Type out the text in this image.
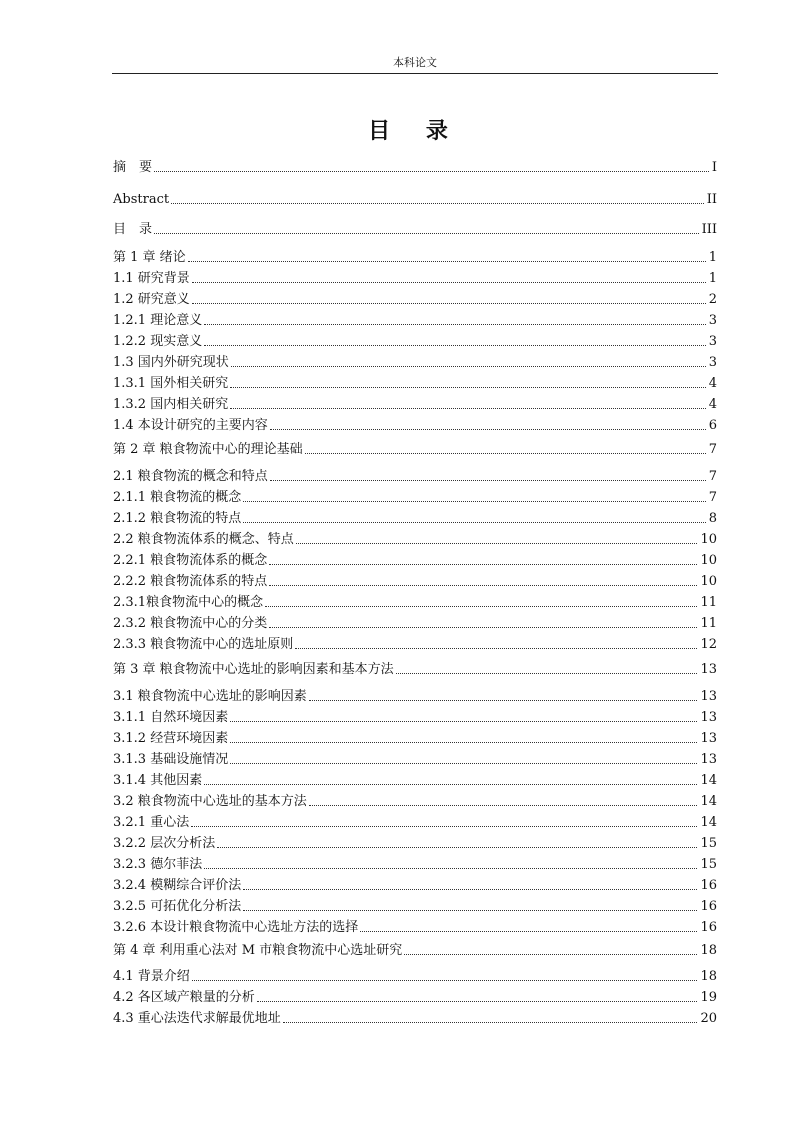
本科论文
目 录
摘　要	I
Abstract	II
目　录	III
第 1 章 绪论	1
1.1 研究背景	1
1.2 研究意义	2
1.2.1 理论意义	3
1.2.2 现实意义	3
1.3 国内外研究现状	3
1.3.1 国外相关研究	4
1.3.2 国内相关研究	4
1.4 本设计研究的主要内容	6
第 2 章 粮食物流中心的理论基础	7
2.1 粮食物流的概念和特点	7
2.1.1 粮食物流的概念	7
2.1.2 粮食物流的特点	8
2.2 粮食物流体系的概念、特点	10
2.2.1 粮食物流体系的概念	10
2.2.2 粮食物流体系的特点	10
2.3.1粮食物流中心的概念	11
2.3.2 粮食物流中心的分类	11
2.3.3 粮食物流中心的选址原则	12
第 3 章 粮食物流中心选址的影响因素和基本方法	13
3.1 粮食物流中心选址的影响因素	13
3.1.1 自然环境因素	13
3.1.2 经营环境因素	13
3.1.3 基础设施情况	13
3.1.4 其他因素	14
3.2 粮食物流中心选址的基本方法	14
3.2.1 重心法	14
3.2.2 层次分析法	15
3.2.3 德尔菲法	15
3.2.4 模糊综合评价法	16
3.2.5 可拓优化分析法	16
3.2.6 本设计粮食物流中心选址方法的选择	16
第 4 章 利用重心法对 M 市粮食物流中心选址研究	18
4.1 背景介绍	18
4.2 各区域产粮量的分析	19
4.3 重心法迭代求解最优地址	20
